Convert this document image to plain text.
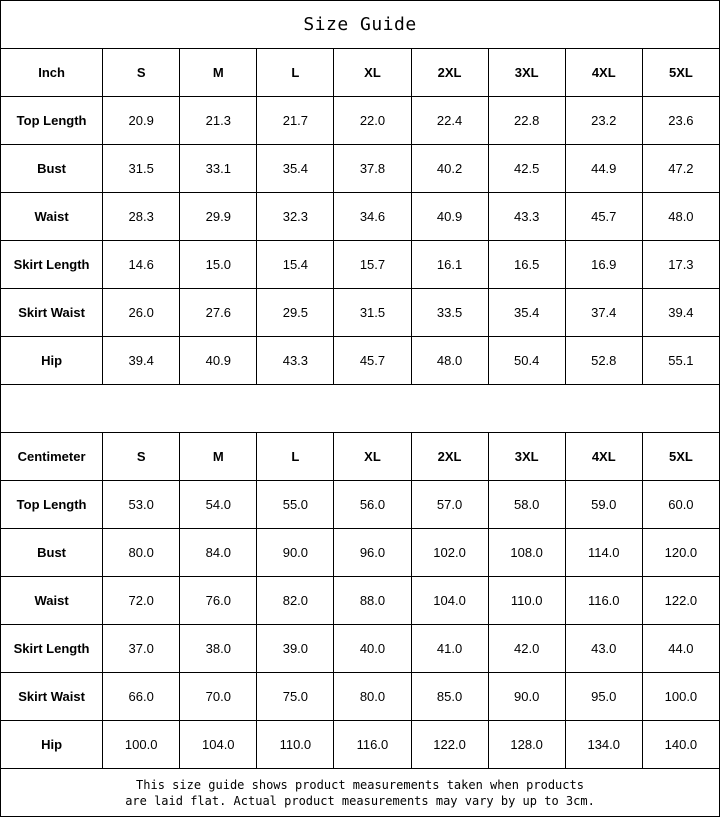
Size Guide
Inch	S	M	L	XL	2XL	3XL	4XL	5XL
Top Length	20.9	21.3	21.7	22.0	22.4	22.8	23.2	23.6
Bust	31.5	33.1	35.4	37.8	40.2	42.5	44.9	47.2
Waist	28.3	29.9	32.3	34.6	40.9	43.3	45.7	48.0
Skirt Length	14.6	15.0	15.4	15.7	16.1	16.5	16.9	17.3
Skirt Waist	26.0	27.6	29.5	31.5	33.5	35.4	37.4	39.4
Hip	39.4	40.9	43.3	45.7	48.0	50.4	52.8	55.1
Centimeter	S	M	L	XL	2XL	3XL	4XL	5XL
Top Length	53.0	54.0	55.0	56.0	57.0	58.0	59.0	60.0
Bust	80.0	84.0	90.0	96.0	102.0	108.0	114.0	120.0
Waist	72.0	76.0	82.0	88.0	104.0	110.0	116.0	122.0
Skirt Length	37.0	38.0	39.0	40.0	41.0	42.0	43.0	44.0
Skirt Waist	66.0	70.0	75.0	80.0	85.0	90.0	95.0	100.0
Hip	100.0	104.0	110.0	116.0	122.0	128.0	134.0	140.0
This size guide shows product measurements taken when products
are laid flat. Actual product measurements may vary by up to 3cm.
